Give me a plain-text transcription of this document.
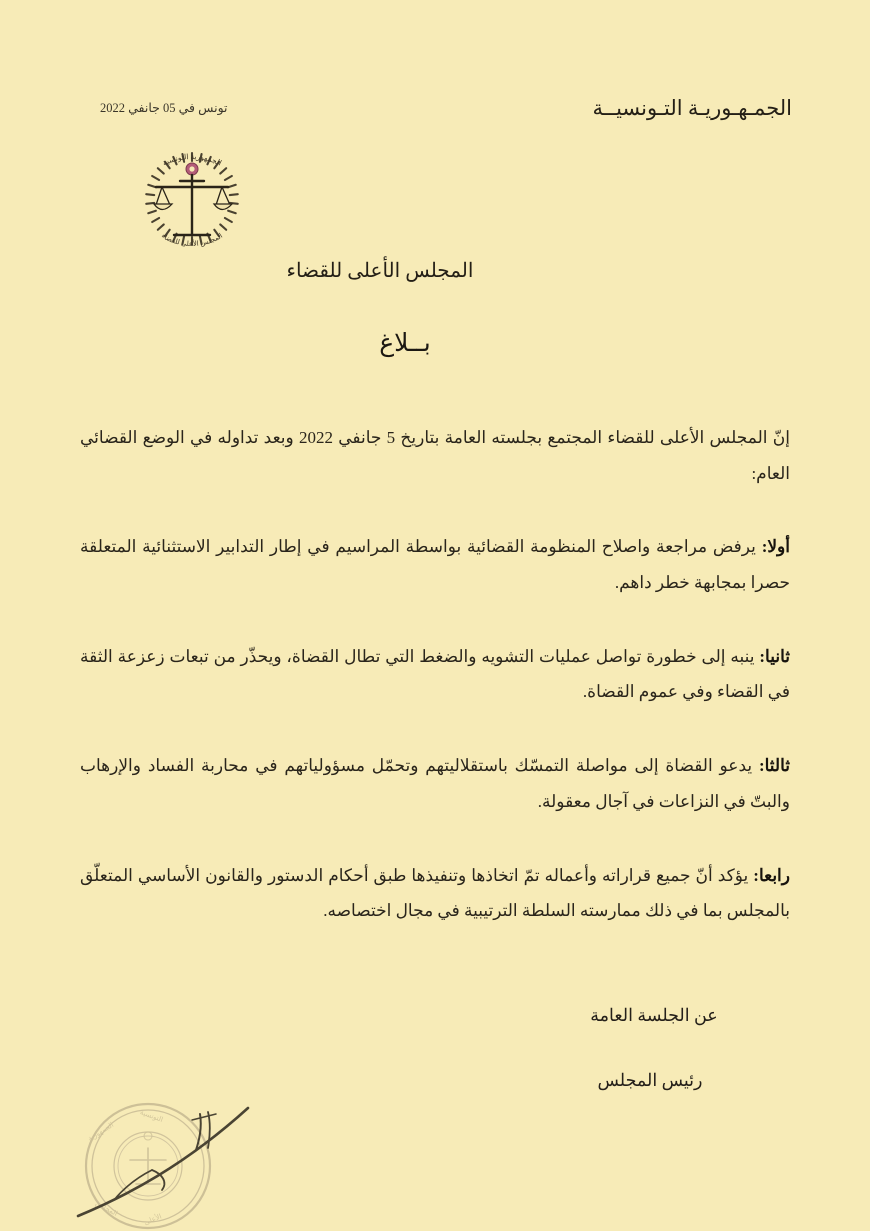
تونس في 05 جانفي 2022	الجمـهـوريـة التـونسيــة
الجمهورية التونسية
المجلس الأعلى للقضاء
المجلس الأعلى للقضاء
بــلاغ

إنّ المجلس الأعلى للقضاء المجتمع بجلسته العامة بتاريخ 5 جانفي 2022 وبعد تداوله في الوضع القضائي العام:

أولا: يرفض مراجعة واصلاح المنظومة القضائية بواسطة المراسيم في إطار التدابير الاستثنائية المتعلقة حصرا بمجابهة خطر داهم.

ثانيا: ينبه إلى خطورة تواصل عمليات التشويه والضغط التي تطال القضاة، ويحذّر من تبعات زعزعة الثقة في القضاء وفي عموم القضاة.

ثالثا: يدعو القضاة إلى مواصلة التمسّك باستقلاليتهم وتحمّل مسؤولياتهم في محاربة الفساد والإرهاب والبتّ في النزاعات في آجال معقولة.

رابعا: يؤكد أنّ جميع قراراته وأعماله تمّ اتخاذها وتنفيذها طبق أحكام الدستور والقانون الأساسي المتعلّق بالمجلس بما في ذلك ممارسته السلطة الترتيبية في مجال اختصاصه.

عن الجلسة العامة
رئيس المجلس
الجمهورية
التونسية
المجلس
الأعلى
